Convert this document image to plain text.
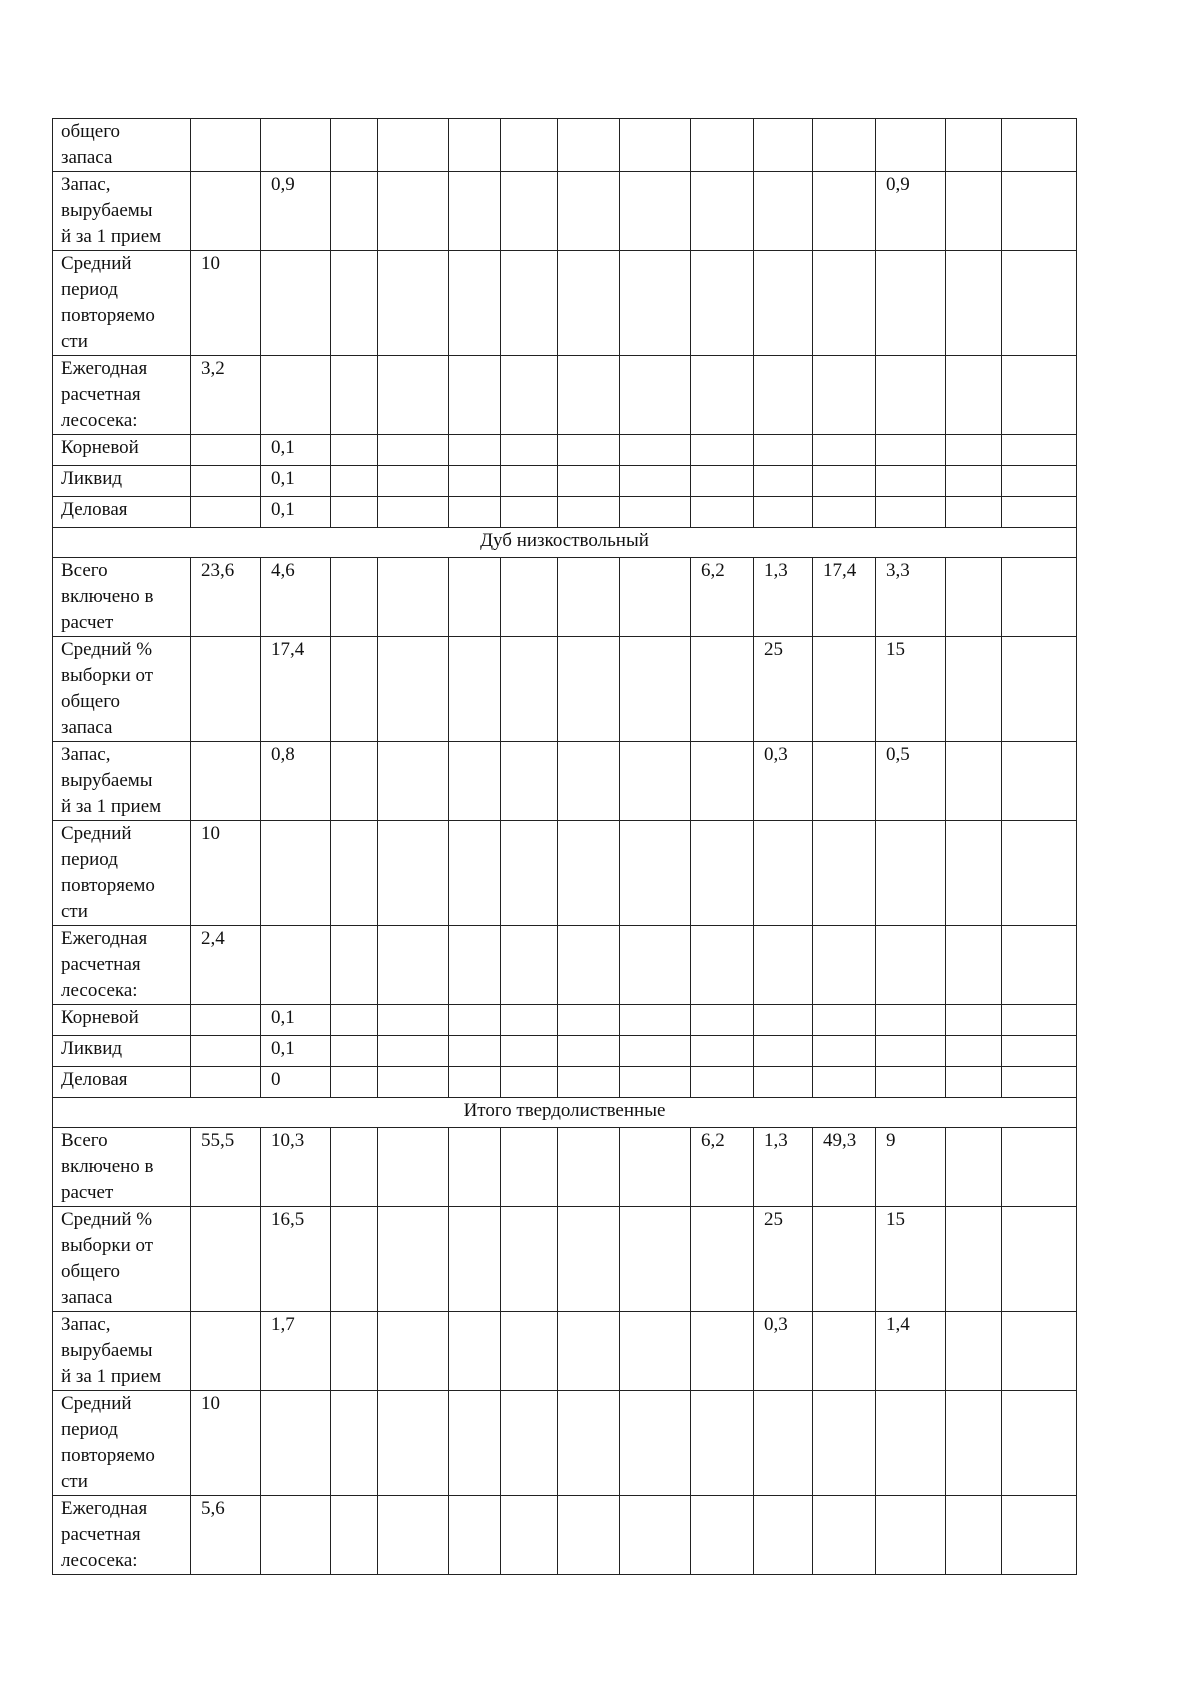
общего
запаса														
Запас,
вырубаемы
й за 1 прием		0,9										0,9		
Средний
период
повторяемо
сти	10													
Ежегодная
расчетная
лесосека:	3,2													
Корневой		0,1												
Ликвид		0,1												
Деловая		0,1												
Дуб низкоствольный														
Всего
включено в
расчет	23,6	4,6							6,2	1,3	17,4	3,3		
Средний %
выборки от
общего
запаса		17,4								25		15		
Запас,
вырубаемы
й за 1 прием		0,8								0,3		0,5		
Средний
период
повторяемо
сти	10													
Ежегодная
расчетная
лесосека:	2,4													
Корневой		0,1												
Ликвид		0,1												
Деловая		0												
Итого твердолиственные														
Всего
включено в
расчет	55,5	10,3							6,2	1,3	49,3	9		
Средний %
выборки от
общего
запаса		16,5								25		15		
Запас,
вырубаемы
й за 1 прием		1,7								0,3		1,4		
Средний
период
повторяемо
сти	10													
Ежегодная
расчетная
лесосека:	5,6													
